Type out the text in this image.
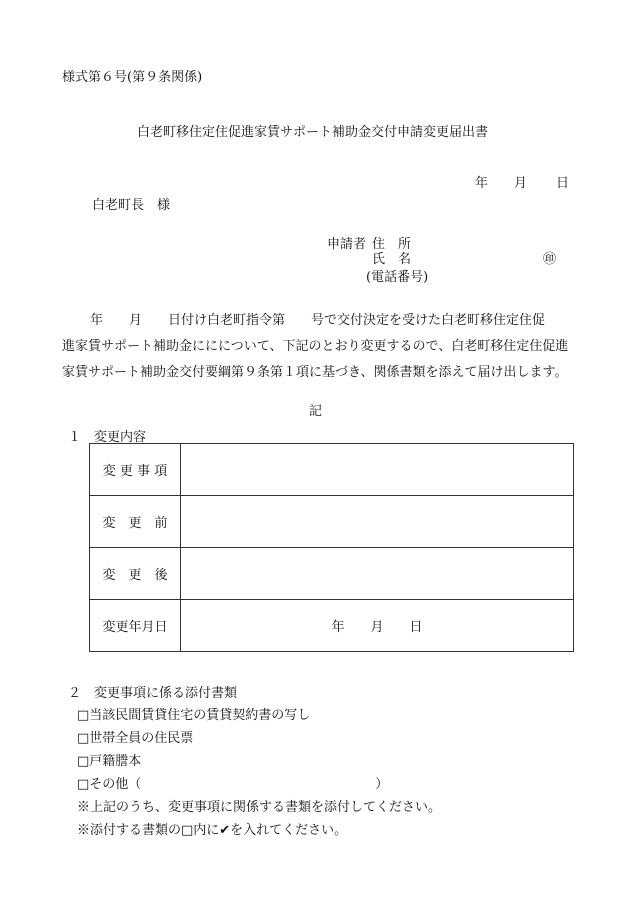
様式第６号(第９条関係)
白老町移住定住促進家賃サポート補助金交付申請変更届出書
年 月 日
白老町長　様
申請者 住　所
氏　名	㊞
(電話番号)
年　　月　　日付け白老町指令第　　号で交付決定を受けた白老町移住定住促
進家賃サポート補助金ににについて、下記のとおり変更するので、白老町移住定住促進
家賃サポート補助金交付要綱第９条第１項に基づき、関係書類を添えて届け出します。
記
１　変更内容
変 更 事 項	
変　更　前	
変　更　後	
変更年月日	年　　月　　日
２　変更事項に係る添付書類
□当該民間賃貸住宅の賃貸契約書の写し
□世帯全員の住民票
□戸籍謄本
□その他（　　　　　　　　　　　　　　　　　　）
※上記のうち、変更事項に関係する書類を添付してください。
※添付する書類の□内に✔を入れてください。
